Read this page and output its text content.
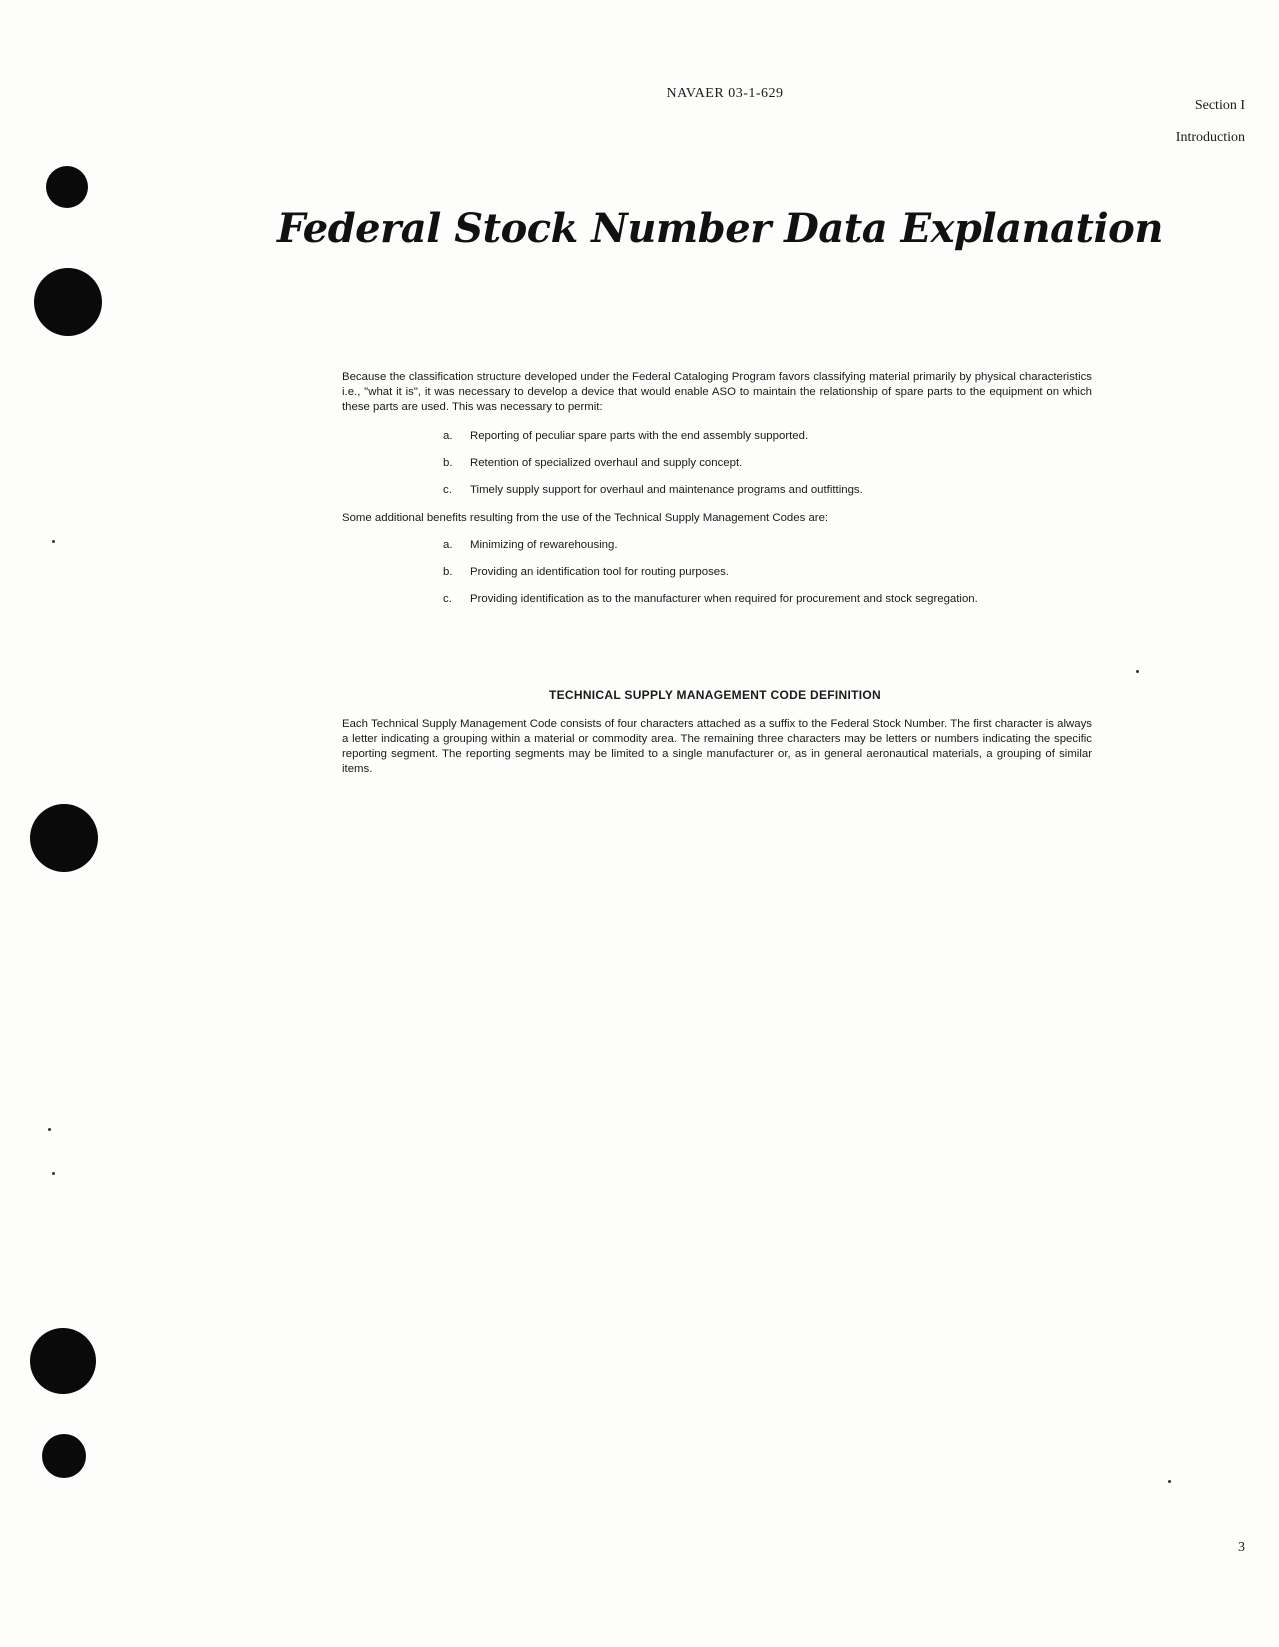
NAVAER 03-1-629
Section I
Introduction
Federal Stock Number Data Explanation
Because the classification structure developed under the Federal Cataloging Program favors classifying material primarily by physical characteristics i.e., "what it is", it was necessary to develop a device that would enable ASO to maintain the relationship of spare parts to the equipment on which these parts are used. This was necessary to permit:
a. Reporting of peculiar spare parts with the end assembly supported.
b. Retention of specialized overhaul and supply concept.
c. Timely supply support for overhaul and maintenance programs and outfittings.
Some additional benefits resulting from the use of the Technical Supply Management Codes are:
a. Minimizing of rewarehousing.
b. Providing an identification tool for routing purposes.
c. Providing identification as to the manufacturer when required for procurement and stock segregation.
TECHNICAL SUPPLY MANAGEMENT CODE DEFINITION
Each Technical Supply Management Code consists of four characters attached as a suffix to the Federal Stock Number. The first character is always a letter indicating a grouping within a material or commodity area. The remaining three characters may be letters or numbers indicating the specific reporting segment. The reporting segments may be limited to a single manufacturer or, as in general aeronautical materials, a grouping of similar items.
3
